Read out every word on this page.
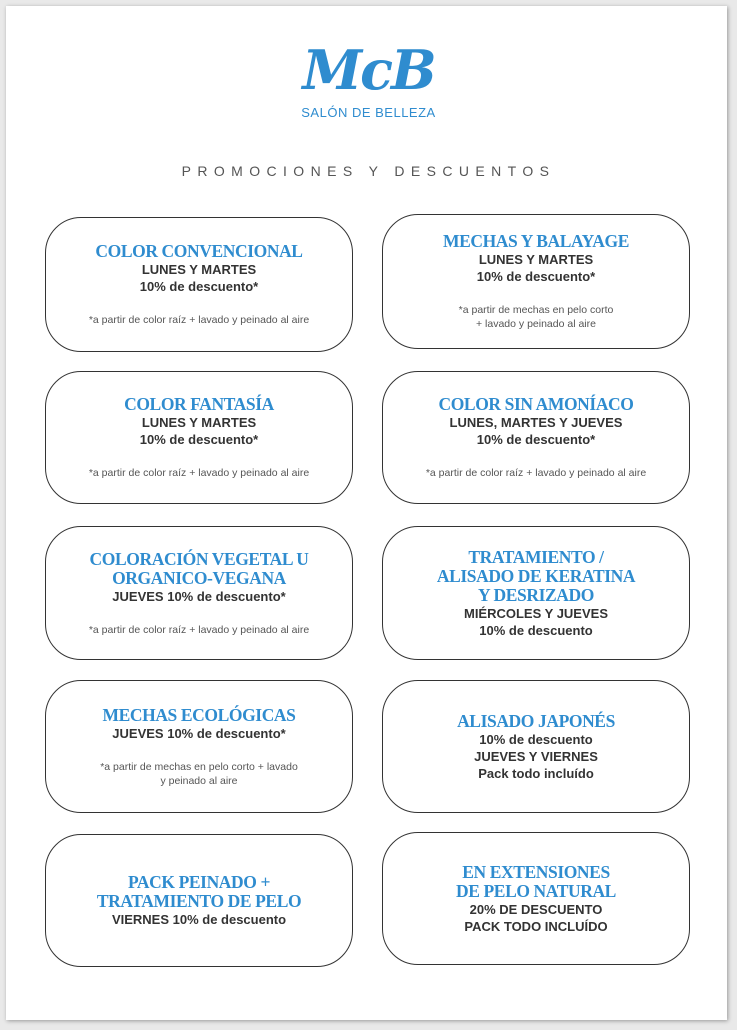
McB
SALÓN DE BELLEZA
PROMOCIONES Y DESCUENTOS
COLOR CONVENCIONAL
LUNES Y MARTES
10% de descuento*
*a partir de color raíz + lavado y peinado al aire
MECHAS Y BALAYAGE
LUNES Y MARTES
10% de descuento*
*a partir de mechas en pelo corto
+ lavado y peinado al aire
COLOR FANTASÍA
LUNES Y MARTES
10% de descuento*
*a partir de color raíz + lavado y peinado al aire
COLOR SIN AMONÍACO
LUNES, MARTES Y JUEVES
10% de descuento*
*a partir de color raíz + lavado y peinado al aire
COLORACIÓN VEGETAL U
ORGANICO-VEGANA
JUEVES 10% de descuento*
*a partir de color raíz + lavado y peinado al aire
TRATAMIENTO /
ALISADO DE KERATINA
Y DESRIZADO
MIÉRCOLES Y JUEVES
10% de descuento
MECHAS ECOLÓGICAS
JUEVES 10% de descuento*
*a partir de mechas en pelo corto + lavado
y peinado al aire
ALISADO JAPONÉS
10% de descuento
JUEVES Y VIERNES
Pack todo incluído
PACK PEINADO +
TRATAMIENTO DE PELO
VIERNES 10% de descuento
EN EXTENSIONES
DE PELO NATURAL
20% DE DESCUENTO
PACK TODO INCLUÍDO
